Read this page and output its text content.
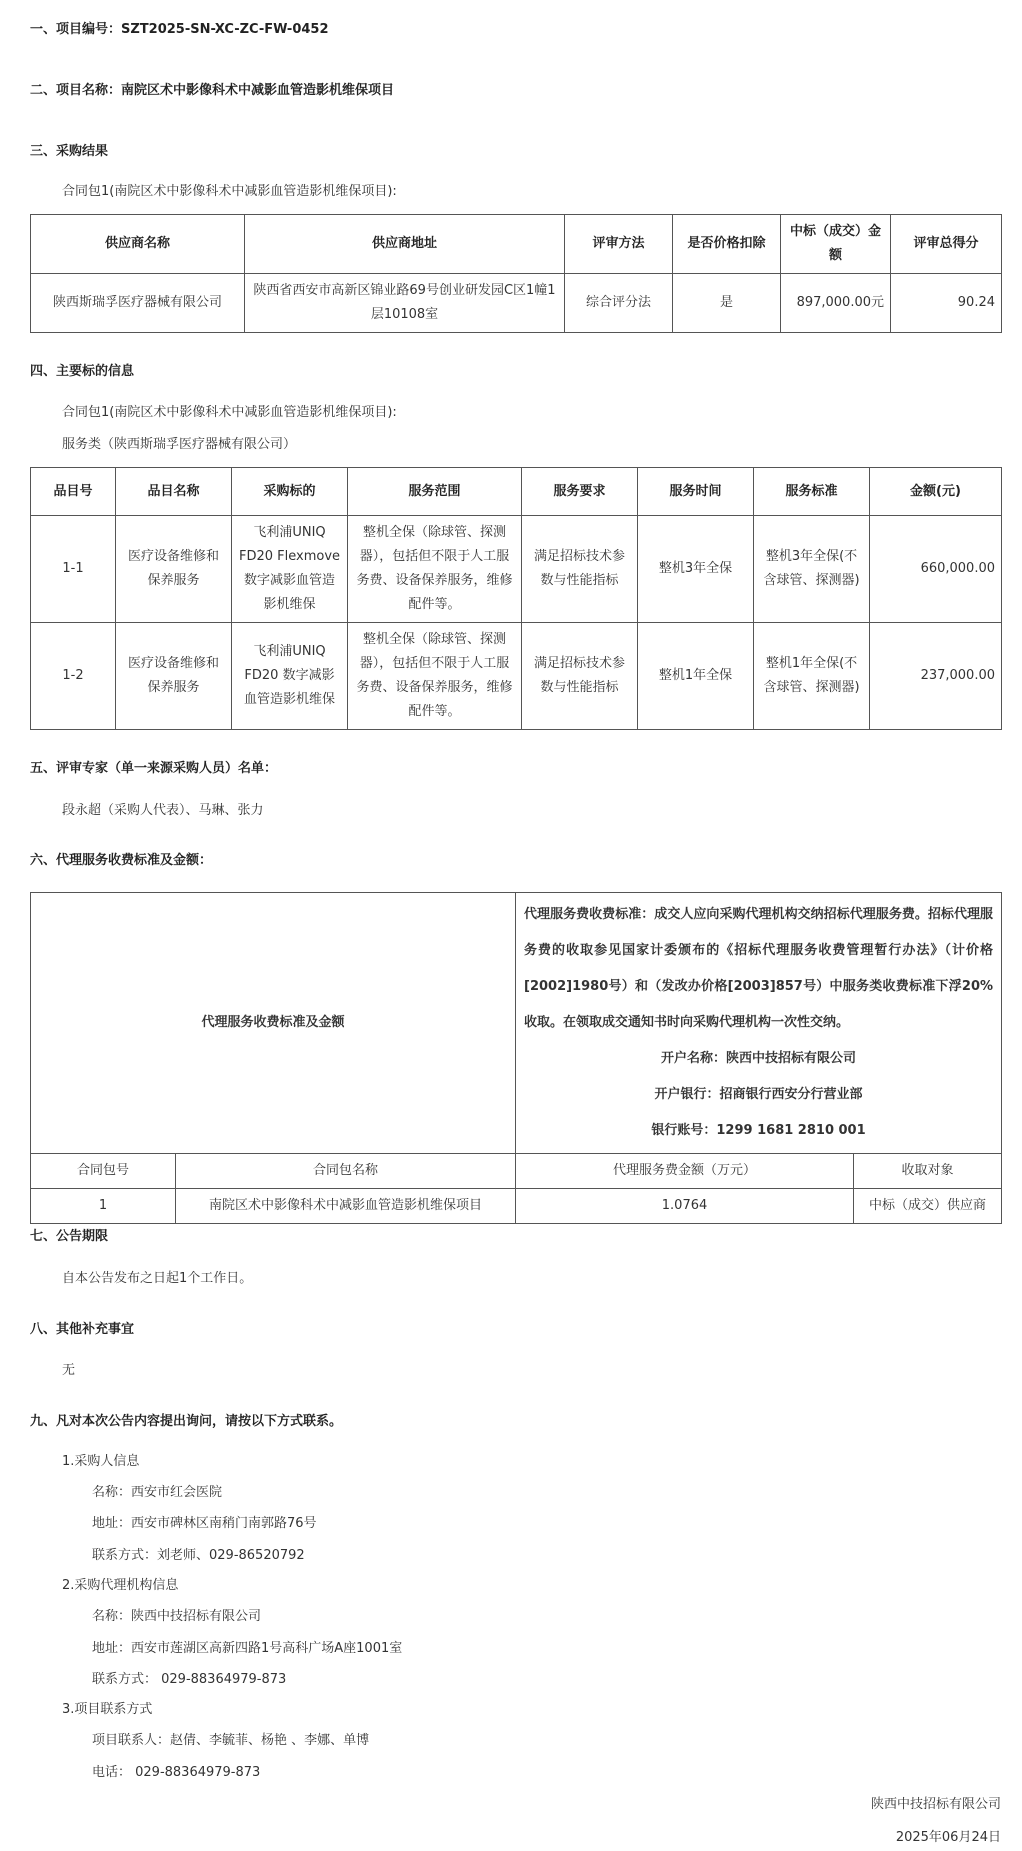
一、项目编号：SZT2025-SN-XC-ZC-FW-0452
二、项目名称：南院区术中影像科术中减影血管造影机维保项目
三、采购结果
合同包1(南院区术中影像科术中减影血管造影机维保项目):
供应商名称	供应商地址	评审方法	是否价格扣除	中标（成交）金额	评审总得分
陕西斯瑞孚医疗器械有限公司	陕西省西安市高新区锦业路69号创业研发园C区1幢1层10108室	综合评分法	是	897,000.00元	90.24
四、主要标的信息
合同包1(南院区术中影像科术中减影血管造影机维保项目):
服务类（陕西斯瑞孚医疗器械有限公司）
品目号	品目名称	采购标的	服务范围	服务要求	服务时间	服务标准	金额(元)
1-1	医疗设备维修和保养服务	飞利浦UNIQ FD20 Flexmove数字减影血管造影机维保	整机全保（除球管、探测器），包括但不限于人工服务费、设备保养服务，维修配件等。	满足招标技术参数与性能指标	整机3年全保	整机3年全保(不含球管、探测器)	660,000.00
1-2	医疗设备维修和保养服务	飞利浦UNIQ FD20 数字减影血管造影机维保	整机全保（除球管、探测器），包括但不限于人工服务费、设备保养服务，维修配件等。	满足招标技术参数与性能指标	整机1年全保	整机1年全保(不含球管、探测器)	237,000.00
五、评审专家（单一来源采购人员）名单：
段永超（采购人代表）、马琳、张力
六、代理服务收费标准及金额：
代理服务收费标准及金额		代理服务费收费标准：成交人应向采购代理机构交纳招标代理服务费。招标代理服务费的收取参见国家计委颁布的《招标代理服务收费管理暂行办法》（计价格[2002]1980号）和（发改办价格[2003]857号）中服务类收费标准下浮20%收取。在领取成交通知书时向采购代理机构一次性交纳。
开户名称：陕西中技招标有限公司
开户银行：招商银行西安分行营业部
银行账号：1299 1681 2810 001	

合同包号	合同包名称	代理服务费金额（万元）	收取对象
1	南院区术中影像科术中减影血管造影机维保项目	1.0764	中标（成交）供应商
七、公告期限
自本公告发布之日起1个工作日。
八、其他补充事宜
无
九、凡对本次公告内容提出询问，请按以下方式联系。
1.采购人信息
名称：西安市红会医院
地址：西安市碑林区南稍门南郭路76号
联系方式：刘老师、029-86520792
2.采购代理机构信息
名称：陕西中技招标有限公司
地址：西安市莲湖区高新四路1号高科广场A座1001室
联系方式： 029-88364979-873
3.项目联系方式
项目联系人：赵倩、李毓菲、杨艳 、李娜、单博
电话： 029-88364979-873
陕西中技招标有限公司
2025年06月24日
